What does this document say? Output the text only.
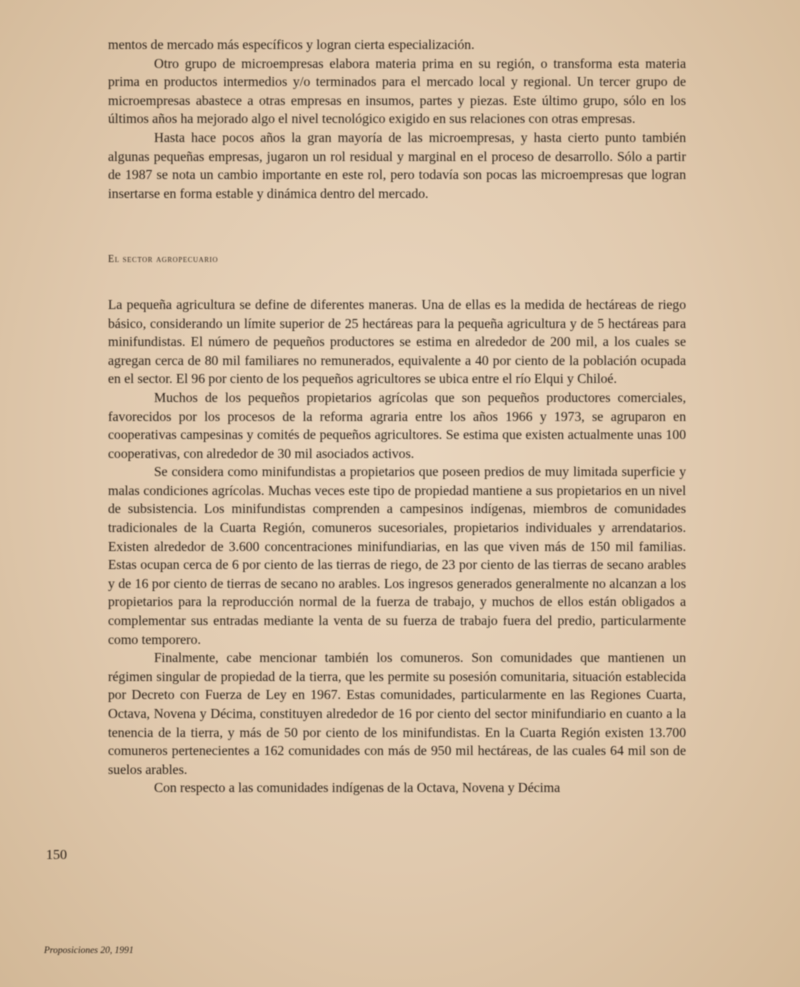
mentos de mercado más específicos y logran cierta especialización.

Otro grupo de microempresas elabora materia prima en su región, o transforma esta materia prima en productos intermedios y/o terminados para el mercado local y regional. Un tercer grupo de microempresas abastece a otras empresas en insumos, partes y piezas. Este último grupo, sólo en los últimos años ha mejorado algo el nivel tecnológico exigido en sus relaciones con otras empresas.

Hasta hace pocos años la gran mayoría de las microempresas, y hasta cierto punto también algunas pequeñas empresas, jugaron un rol residual y marginal en el proceso de desarrollo. Sólo a partir de 1987 se nota un cambio importante en este rol, pero todavía son pocas las microempresas que logran insertarse en forma estable y dinámica dentro del mercado.

El sector agropecuario

La pequeña agricultura se define de diferentes maneras. Una de ellas es la medida de hectáreas de riego básico, considerando un límite superior de 25 hectáreas para la pequeña agricultura y de 5 hectáreas para minifundistas. El número de pequeños productores se estima en alrededor de 200 mil, a los cuales se agregan cerca de 80 mil familiares no remunerados, equivalente a 40 por ciento de la población ocupada en el sector. El 96 por ciento de los pequeños agricultores se ubica entre el río Elqui y Chiloé.

Muchos de los pequeños propietarios agrícolas que son pequeños productores comerciales, favorecidos por los procesos de la reforma agraria entre los años 1966 y 1973, se agruparon en cooperativas campesinas y comités de pequeños agricultores. Se estima que existen actualmente unas 100 cooperativas, con alrededor de 30 mil asociados activos.

Se considera como minifundistas a propietarios que poseen predios de muy limitada superficie y malas condiciones agrícolas. Muchas veces este tipo de propiedad mantiene a sus propietarios en un nivel de subsistencia. Los minifundistas comprenden a campesinos indígenas, miembros de comunidades tradicionales de la Cuarta Región, comuneros sucesoriales, propietarios individuales y arrendatarios. Existen alrededor de 3.600 concentraciones minifundiarias, en las que viven más de 150 mil familias. Estas ocupan cerca de 6 por ciento de las tierras de riego, de 23 por ciento de las tierras de secano arables y de 16 por ciento de tierras de secano no arables. Los ingresos generados generalmente no alcanzan a los propietarios para la reproducción normal de la fuerza de trabajo, y muchos de ellos están obligados a complementar sus entradas mediante la venta de su fuerza de trabajo fuera del predio, particularmente como temporero.

Finalmente, cabe mencionar también los comuneros. Son comunidades que mantienen un régimen singular de propiedad de la tierra, que les permite su posesión comunitaria, situación establecida por Decreto con Fuerza de Ley en 1967. Estas comunidades, particularmente en las Regiones Cuarta, Octava, Novena y Décima, constituyen alrededor de 16 por ciento del sector minifundiario en cuanto a la tenencia de la tierra, y más de 50 por ciento de los minifundistas. En la Cuarta Región existen 13.700 comuneros pertenecientes a 162 comunidades con más de 950 mil hectáreas, de las cuales 64 mil son de suelos arables.

Con respecto a las comunidades indígenas de la Octava, Novena y Décima

150
Proposiciones 20, 1991
